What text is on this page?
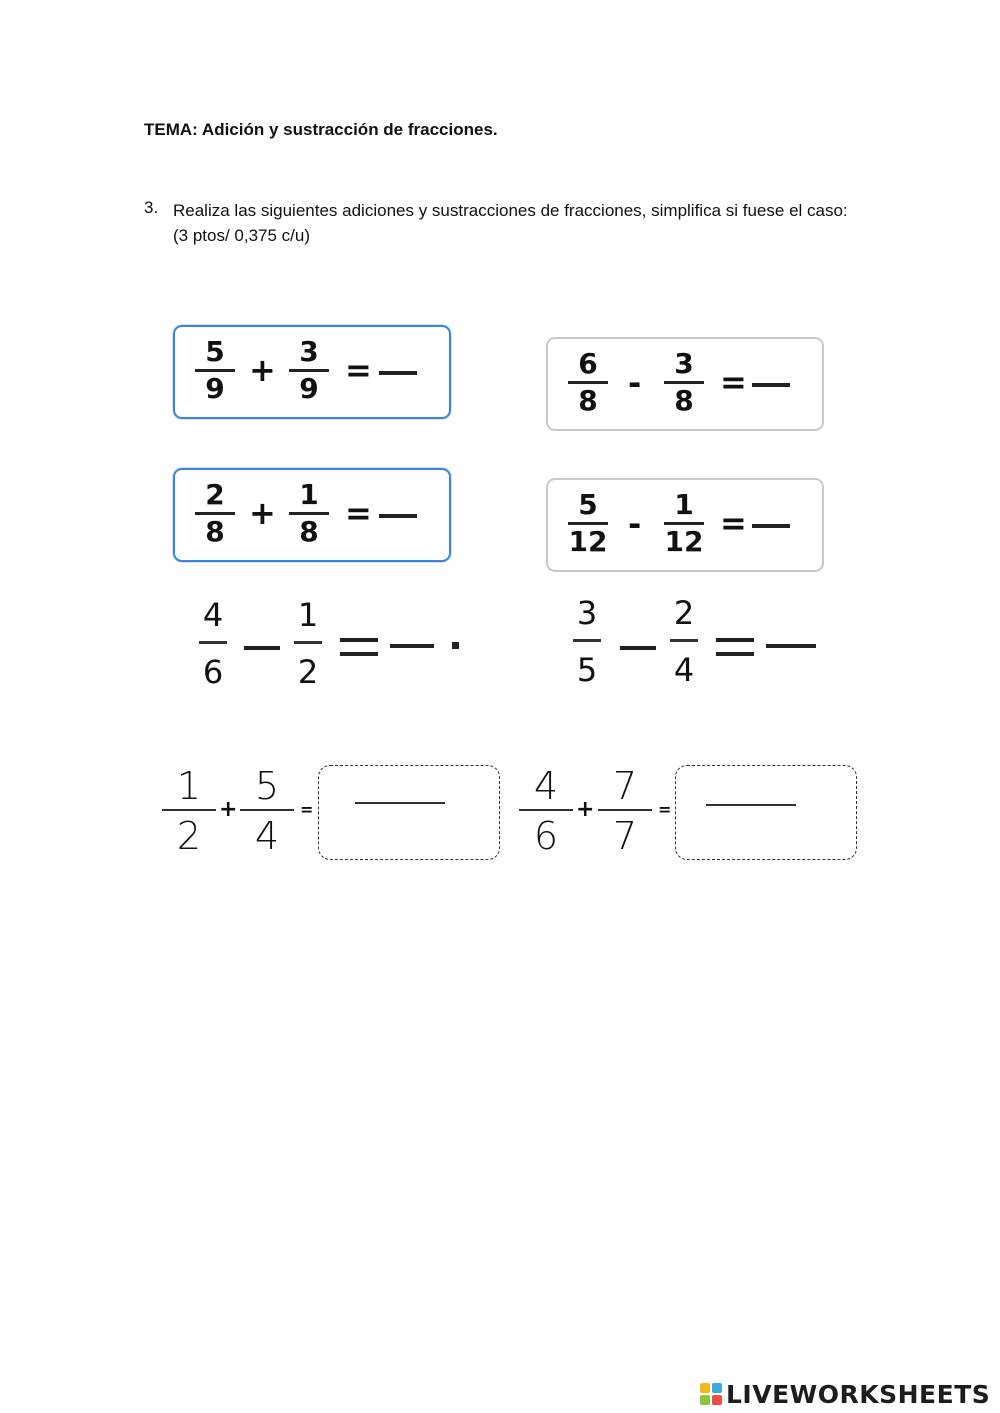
TEMA: Adición y sustracción de fracciones.
3. Realiza las siguientes adiciones y sustracciones de fracciones, simplifica si fuese el caso: (3 ptos/ 0,375 c/u)
5
9 + 3
9 =	6
8 -
3
8 =
2
8 + 1
8 =	5
12 -
1
12 =
4
6
1
2
3
5
2
4
1
2
+
5
4
=
4
6
+
7
7
=
LIVEWORKSHEETS
